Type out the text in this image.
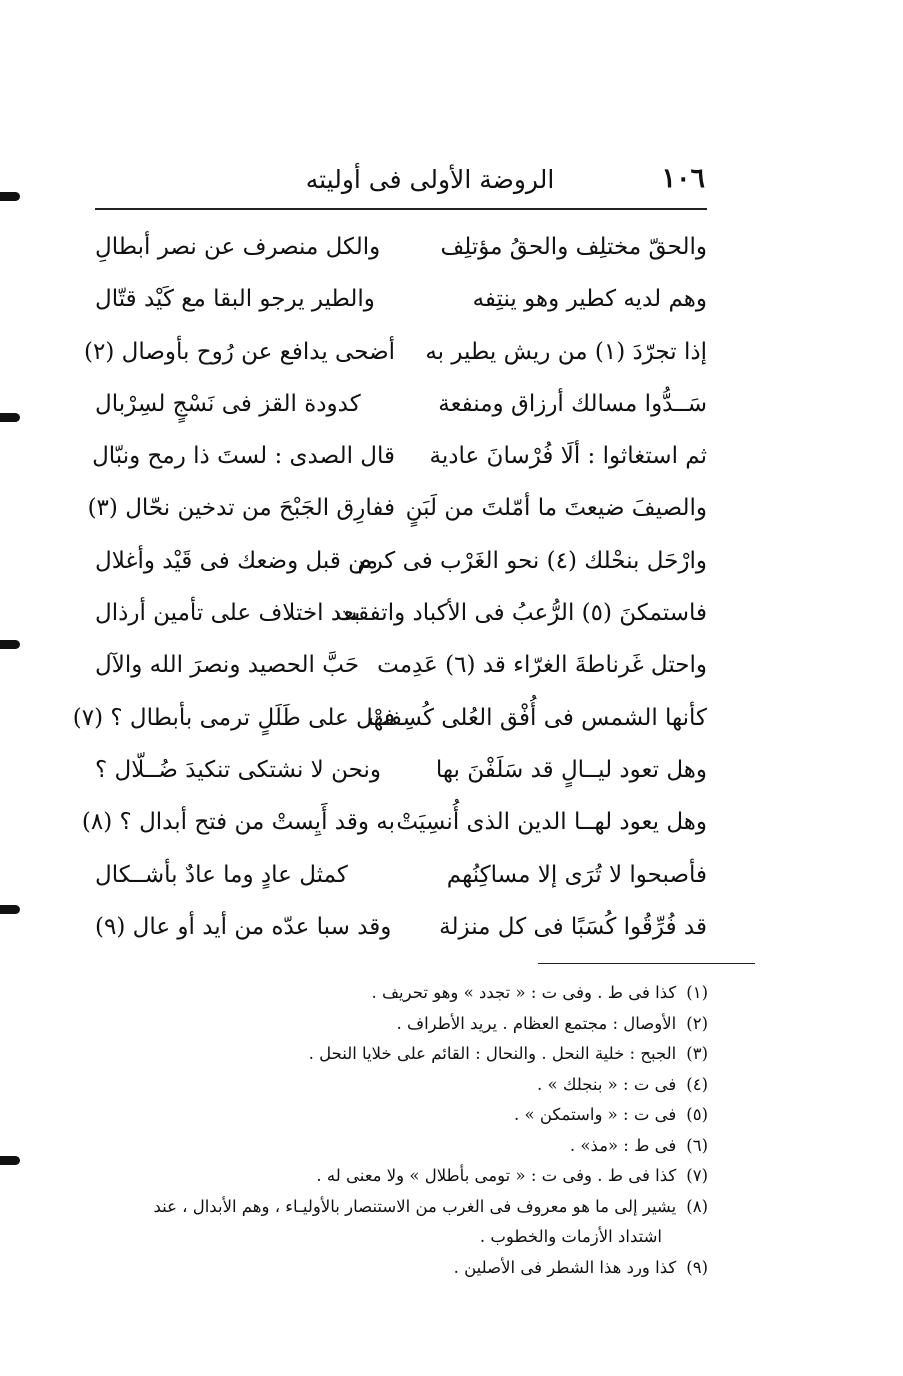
١٠٦
الروضة الأولى فى أوليته
والحقّ مختلِف والحقُ مؤتلِف
والكل منصرف عن نصر أبطالِ
وهم لديه كطير وهو ينتِفه
والطير يرجو البقا مع كَيْد قتّال
إذا تجرّدَ (١) من ريش يطير به
أضحى يدافع عن رُوح بأوصال (٢)
سَــدُّوا مسالك أرزاق ومنفعة
كدودة القز فى نَسْجٍ لسِرْبال
ثم استغاثوا : ألَا فُرْسانَ عادية
قال الصدى : لستَ ذا رمح ونبّال
والصيفَ ضيعتَ ما أمّلتَ من لَبَنٍ
ففارِق الجَبْحَ من تدخين نحّال (٣)
وارْحَل بنحْلك (٤) نحو الغَرْب فى كرم
من قبل وضعك فى قَيْد وأغلال
فاستمكنَ (٥) الرُّعبُ فى الأكباد واتفقت
بعد اختلاف على تأمين أرذال
واحتل غَرناطةَ الغرّاء قد (٦) عَدِمت
حَبَّ الحصيد ونصرَ الله والآل
كأنها الشمس فى أُفْق العُلى كُسِفتْ
فهل على طَلَلٍ ترمى بأبطال ؟ (٧)
وهل تعود ليــالٍ قد سَلَفْنَ بها
ونحن لا نشتكى تنكيدَ ضُــلّال ؟
وهل يعود لهــا الدين الذى أُنسِيَتْ
به وقد أَيِستْ من فتح أبدال ؟ (٨)
فأصبحوا لا تُرَى إلا مساكِنُهم
كمثل عادٍ وما عادٌ بأشــكال
قد فُرِّقُوا كُسَبًا فى كل منزلة
وقد سبا عدّه من أيد أو عال (٩)
(١)كذا فى ط . وفى ت : « تجدد » وهو تحريف .
(٢)الأوصال : مجتمع العظام . يريد الأطراف .
(٣)الجبح : خلية النحل . والنحال : القائم على خلايا النحل .
(٤)فى ت : « بنجلك » .
(٥)فى ت : « واستمكن » .
(٦)فى ط : «مذ» .
(٧)كذا فى ط . وفى ت : « تومى بأطلال » ولا معنى له .
(٨)يشير إلى ما هو معروف فى الغرب من الاستنصار بالأوليـاء ، وهم الأبدال ، عند
اشتداد الأزمات والخطوب .
(٩)كذا ورد هذا الشطر فى الأصلين .
